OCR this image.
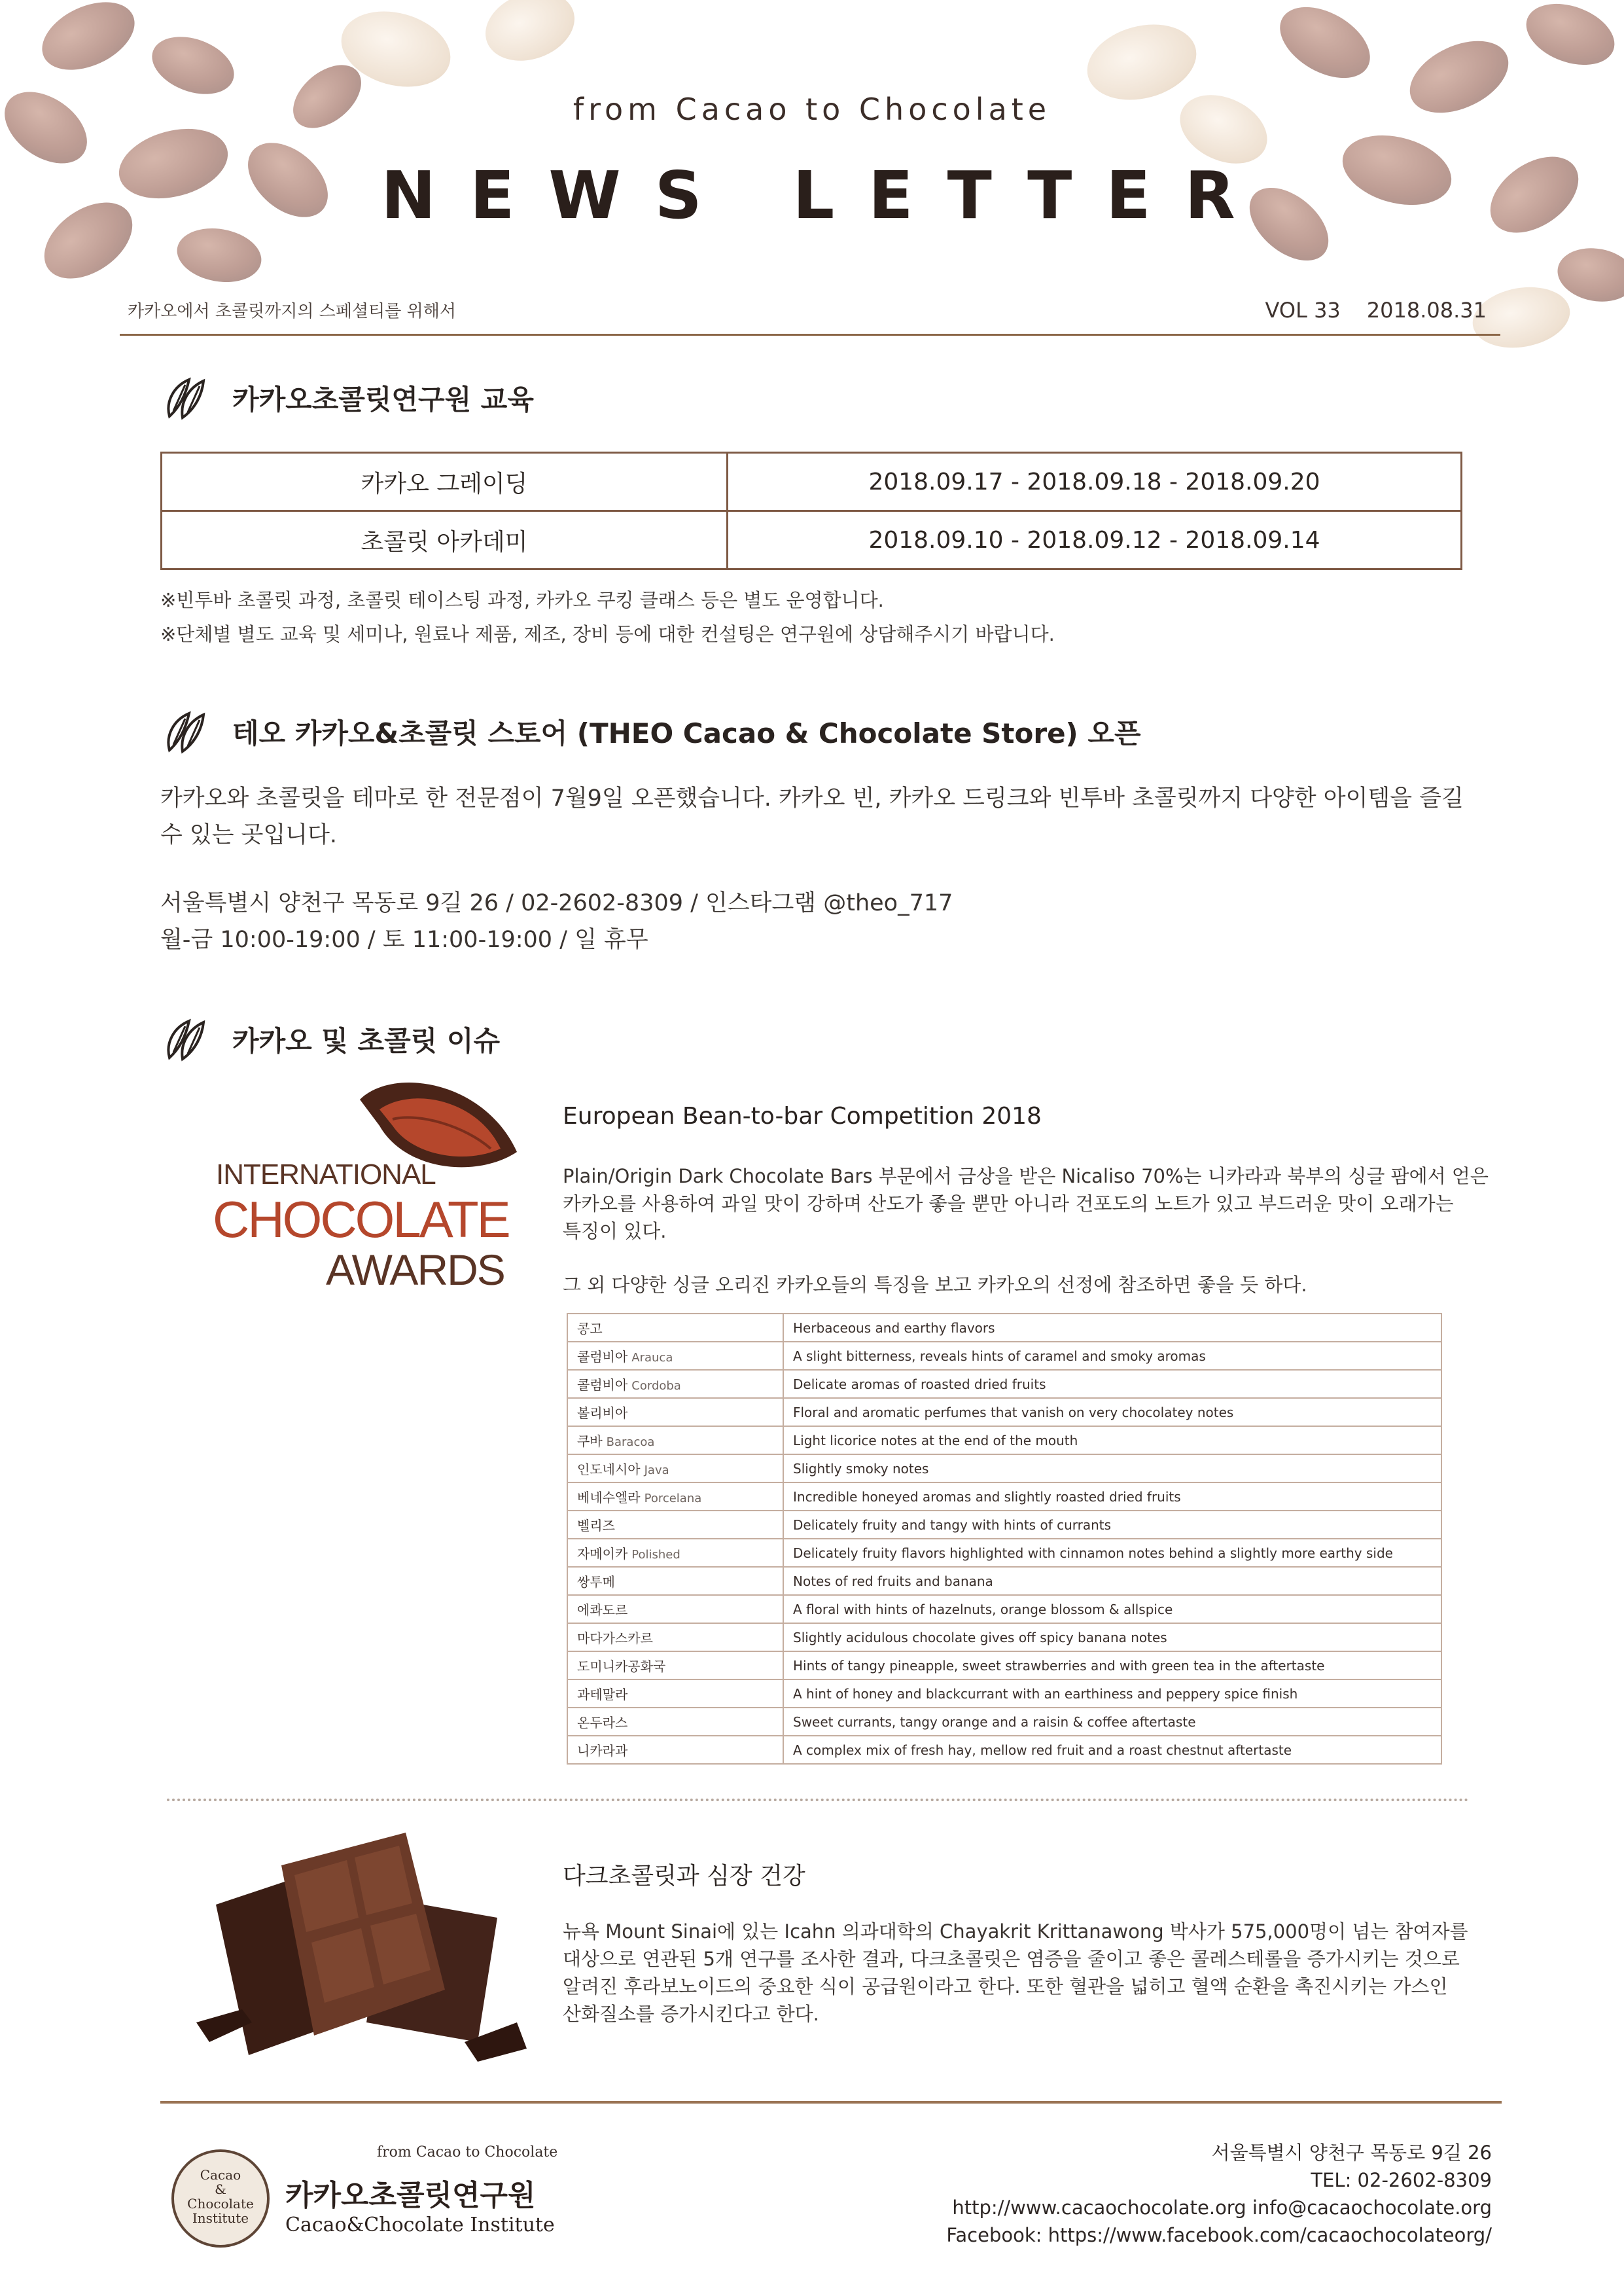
from Cacao to Chocolate
NEWS LETTER
카카오에서 초콜릿까지의 스페셜티를 위해서	VOL 33 2018.08.31
카카오초콜릿연구원 교육
카카오 그레이딩	2018.09.17 - 2018.09.18 - 2018.09.20
초콜릿 아카데미	2018.09.10 - 2018.09.12 - 2018.09.14
※빈투바 초콜릿 과정, 초콜릿 테이스팅 과정, 카카오 쿠킹 클래스 등은 별도 운영합니다.
※단체별 별도 교육 및 세미나, 원료나 제품, 제조, 장비 등에 대한 컨설팅은 연구원에 상담해주시기 바랍니다.
테오 카카오&초콜릿 스토어 (THEO Cacao & Chocolate Store) 오픈
카카오와 초콜릿을 테마로 한 전문점이 7월9일 오픈했습니다. 카카오 빈, 카카오 드링크와 빈투바 초콜릿까지 다양한 아이템을 즐길
수 있는 곳입니다.
서울특별시 양천구 목동로 9길 26 / 02-2602-8309 / 인스타그램 @theo_717
월-금 10:00-19:00 / 토 11:00-19:00 / 일 휴무
카카오 및 초콜릿 이슈
INTERNATIONAL
CHOCOLATE
AWARDS
European Bean-to-bar Competition 2018
Plain/Origin Dark Chocolate Bars 부문에서 금상을 받은 Nicaliso 70%는 니카라과 북부의 싱글 팜에서 얻은
카카오를 사용하여 과일 맛이 강하며 산도가 좋을 뿐만 아니라 건포도의 노트가 있고 부드러운 맛이 오래가는
특징이 있다.
그 외 다양한 싱글 오리진 카카오들의 특징을 보고 카카오의 선정에 참조하면 좋을 듯 하다.
콩고	Herbaceous and earthy flavors
콜럼비아 Arauca	A slight bitterness, reveals hints of caramel and smoky aromas
콜럼비아 Cordoba	Delicate aromas of roasted dried fruits
볼리비아	Floral and aromatic perfumes that vanish on very chocolatey notes
쿠바 Baracoa	Light licorice notes at the end of the mouth
인도네시아 Java	Slightly smoky notes
베네수엘라 Porcelana	Incredible honeyed aromas and slightly roasted dried fruits
벨리즈	Delicately fruity and tangy with hints of currants
자메이카 Polished	Delicately fruity flavors highlighted with cinnamon notes behind a slightly more earthy side
쌍투메	Notes of red fruits and banana
에콰도르	A floral with hints of hazelnuts, orange blossom & allspice
마다가스카르	Slightly acidulous chocolate gives off spicy banana notes
도미니카공화국	Hints of tangy pineapple, sweet strawberries and with green tea in the aftertaste
과테말라	A hint of honey and blackcurrant with an earthiness and peppery spice finish
온두라스	Sweet currants, tangy orange and a raisin & coffee aftertaste
니카라과	A complex mix of fresh hay, mellow red fruit and a roast chestnut aftertaste
다크초콜릿과 심장 건강
뉴욕 Mount Sinai에 있는 Icahn 의과대학의 Chayakrit Krittanawong 박사가 575,000명이 넘는 참여자를
대상으로 연관된 5개 연구를 조사한 결과, 다크초콜릿은 염증을 줄이고 좋은 콜레스테롤을 증가시키는 것으로
알려진 후라보노이드의 중요한 식이 공급원이라고 한다. 또한 혈관을 넓히고 혈액 순환을 촉진시키는 가스인
산화질소를 증가시킨다고 한다.
Cacao
&
Chocolate
Institute
from Cacao to Chocolate
카카오초콜릿연구원
Cacao&Chocolate Institute
서울특별시 양천구 목동로 9길 26
TEL: 02-2602-8309
http://www.cacaochocolate.org info@cacaochocolate.org
Facebook: https://www.facebook.com/cacaochocolateorg/
